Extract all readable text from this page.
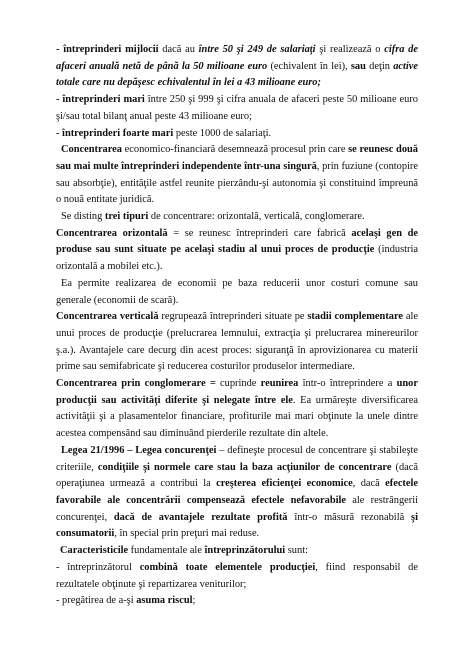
- întreprinderi mijlocii dacă au între 50 şi 249 de salariaţi şi realizează o cifra de afaceri anuală netă de până la 50 milioane euro (echivalent în lei), sau deţin active totale care nu depăşesc echivalentul în lei a 43 milioane euro;

- întreprinderi mari între 250 şi 999 şi cifra anuala de afaceri peste 50 milioane euro şi/sau total bilanţ anual peste 43 milioane euro;

- întreprinderi foarte mari peste 1000 de salariaţi.

Concentrarea economico-financiară desemnează procesul prin care se reunesc două sau mai multe întreprinderi independente într-una singură, prin fuziune (contopire sau absorbţie), entităţile astfel reunite pierzându-şi autonomia şi constituind împreună o nouă entitate juridică.

Se disting trei tipuri de concentrare: orizontală, verticală, conglomerare.

Concentrarea orizontală = se reunesc întreprinderi care fabrică acelaşi gen de produse sau sunt situate pe acelaşi stadiu al unui proces de producţie (industria orizontală a mobilei etc.).

Ea permite realizarea de economii pe baza reducerii unor costuri comune sau generale (economii de scară).

Concentrarea verticală regrupează întreprinderi situate pe stadii complementare ale unui proces de producţie (prelucrarea lemnului, extracţia şi prelucrarea minereurilor ş.a.). Avantajele care decurg din acest proces: siguranţă în aprovizionarea cu materii prime sau semifabricate şi reducerea costurilor produselor intermediare.

Concentrarea prin conglomerare = cuprinde reunirea într-o întreprindere a unor producţii sau activităţi diferite şi nelegate între ele. Ea urmăreşte diversificarea activităţii şi a plasamentelor financiare, profiturile mai mari obţinute la unele dintre acestea compensând sau diminuând pierderile rezultate din altele.

Legea 21/1996 – Legea concurenţei – defineşte procesul de concentrare şi stabileşte criteriile, condiţiile şi normele care stau la baza acţiunilor de concentrare (dacă operaţiunea urmează a contribui la creşterea eficienţei economice, dacă efectele favorabile ale concentrării compensează efectele nefavorabile ale restrângerii concurenţei, dacă de avantajele rezultate profită într-o măsură rezonabilă şi consumatorii, în special prin preţuri mai reduse.

Caracteristicile fundamentale ale întreprinzătorului sunt:

- întreprinzătorul combină toate elementele producţiei, fiind responsabil de rezultatele obţinute şi repartizarea veniturilor;

- pregătirea de a-şi asuma riscul;
